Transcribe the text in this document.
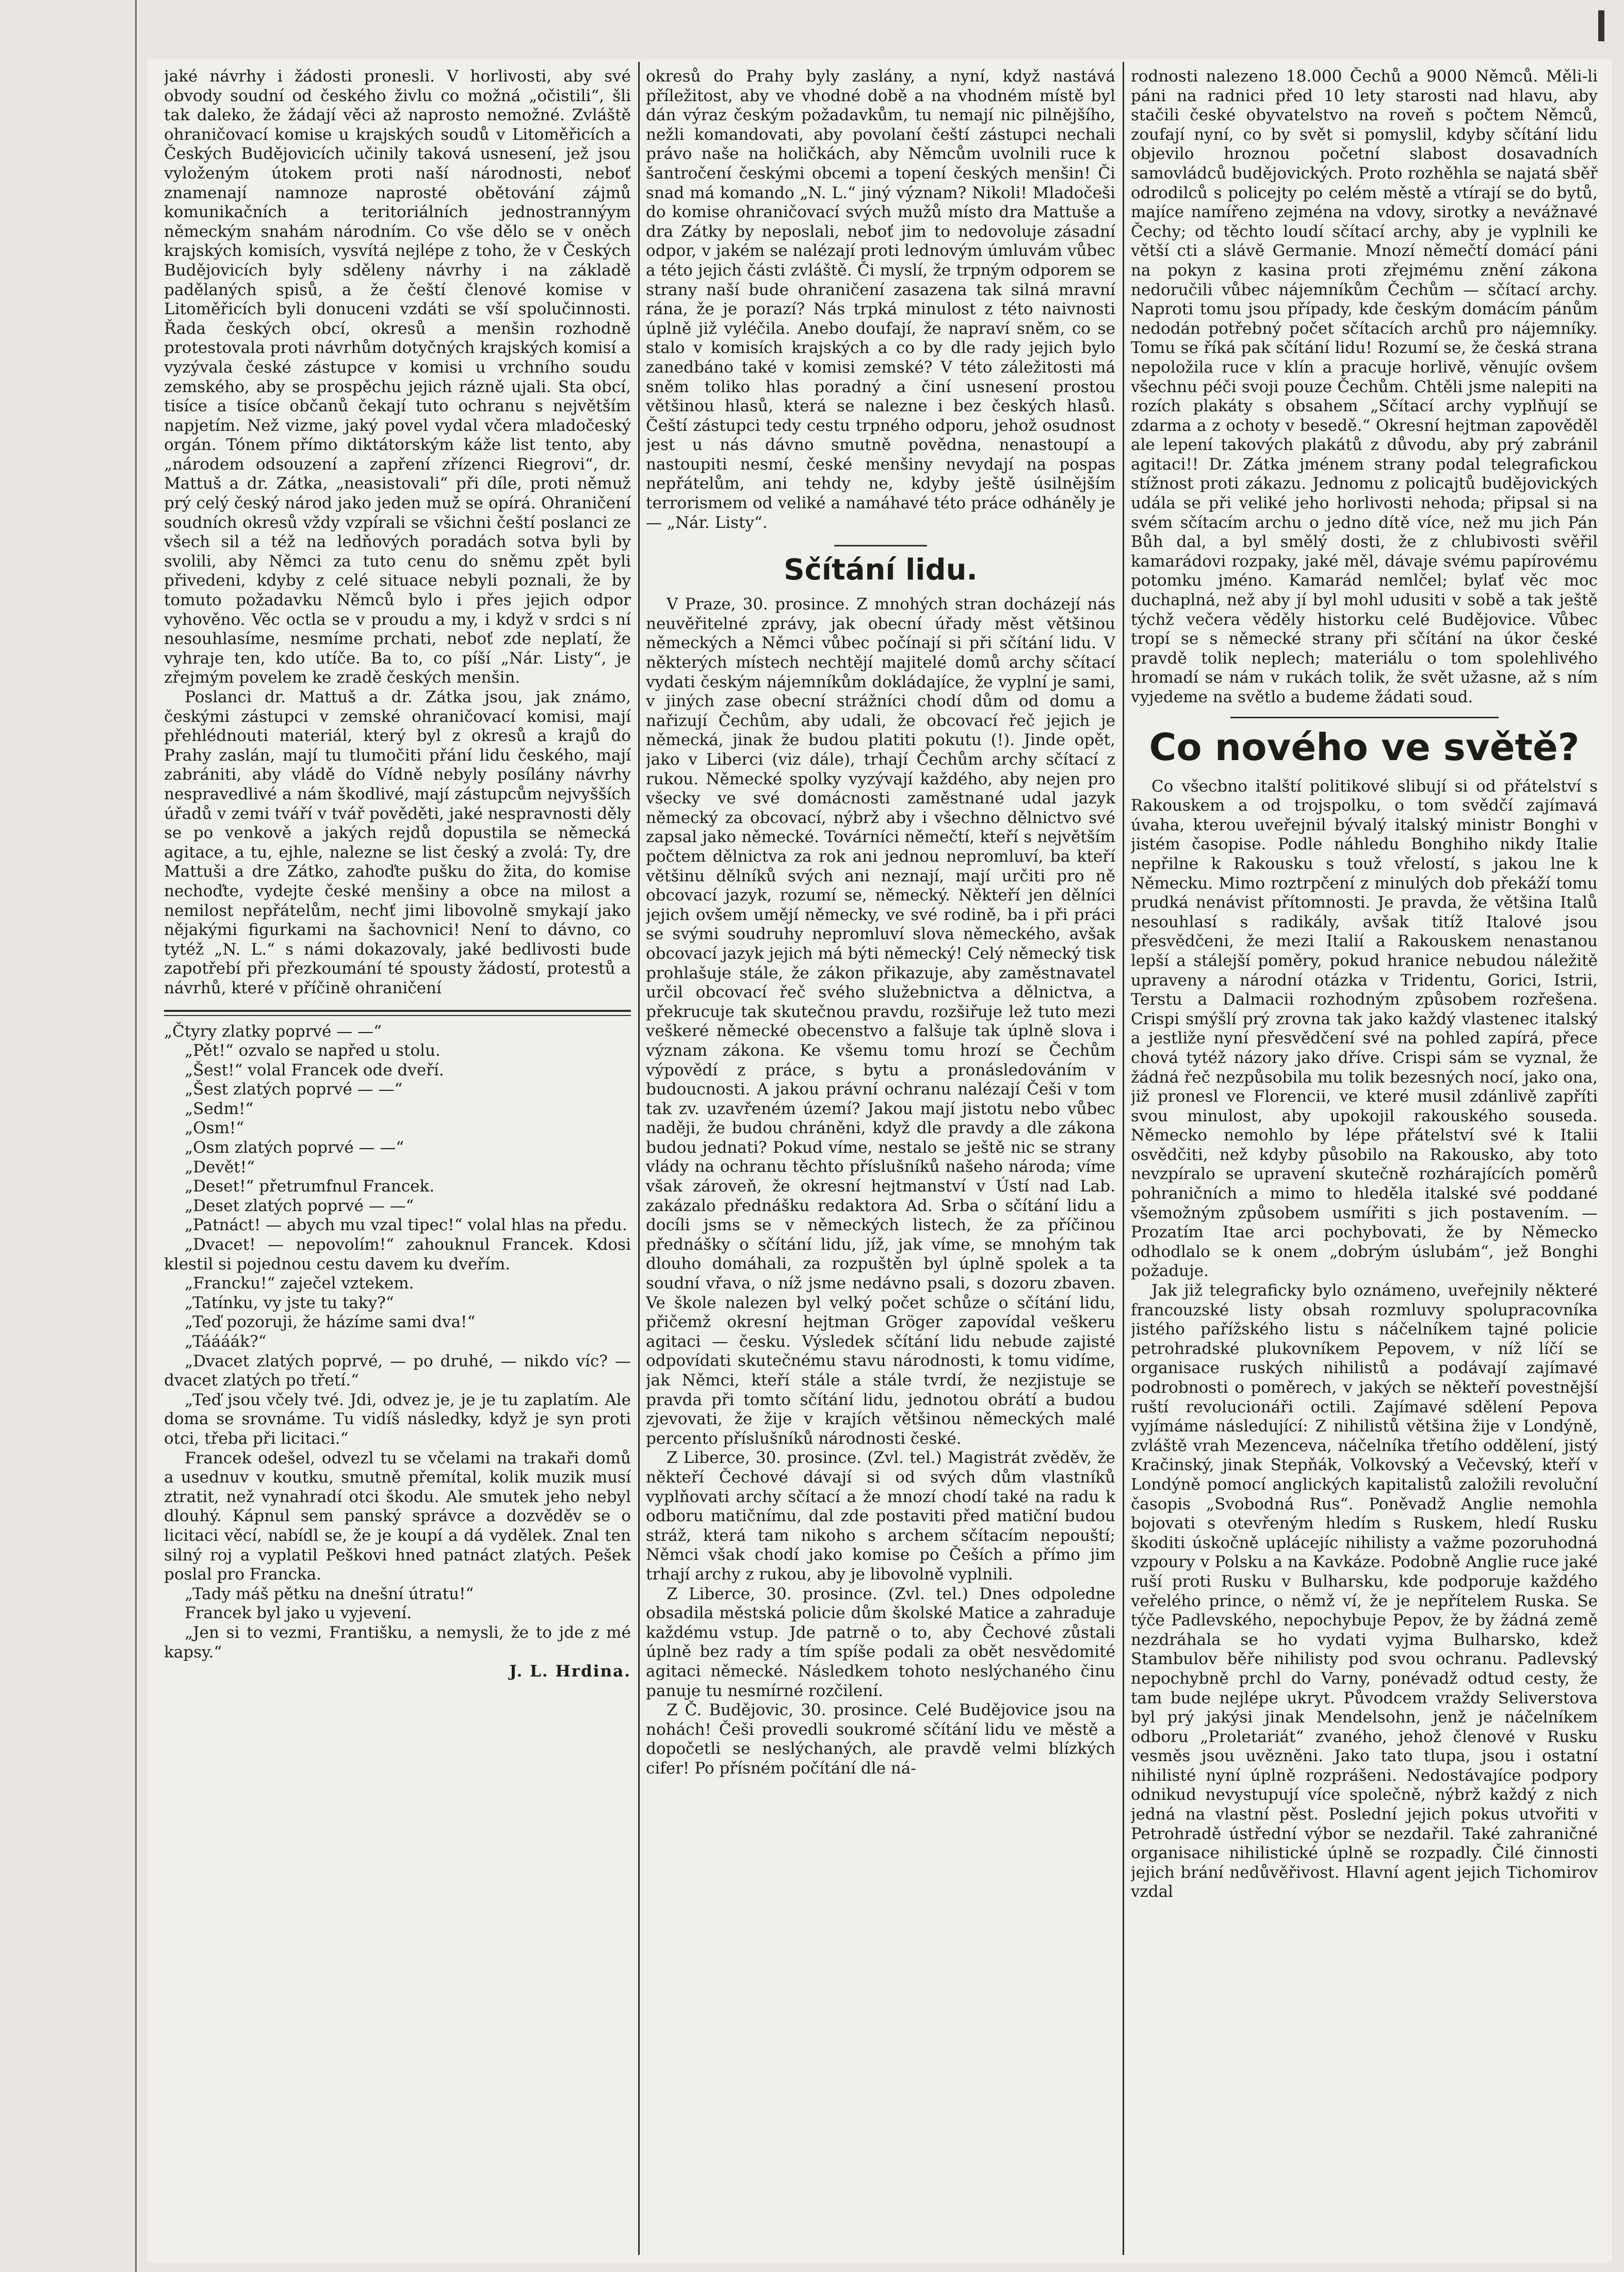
jaké návrhy i žádosti pronesli. V horlivosti, aby své obvody soudní od českého živlu co možná „očistili“, šli tak daleko, že žádají věci až naprosto nemožné. Zvláště ohraničovací komise u krajských soudů v Litoměřicích a Českých Budějovicích učinily taková usnesení, jež jsou vyloženým útokem proti naší národnosti, neboť znamenají namnoze naprosté obětování zájmů komunikačních a teritoriálních jednostrannýym německým snahám národním. Co vše dělo se v oněch krajských komisích, vysvítá nejlépe z toho, že v Českých Budějovicích byly sděleny návrhy i na základě padělaných spisů, a že čeští členové komise v Litoměřicích byli donuceni vzdáti se vší spolučinnosti. Řada českých obcí, okresů a menšin rozhodně protestovala proti návrhům dotyčných krajských komisí a vyzývala české zástupce v komisi u vrchního soudu zemského, aby se prospěchu jejich rázně ujali. Sta obcí, tisíce a tisíce občanů čekají tuto ochranu s největším napjetím. Než vizme, jaký povel vydal včera mladočeský orgán. Tónem přímo diktátorským káže list tento, aby „národem odsouzení a zapření zřízenci Riegrovi“, dr. Mattuš a dr. Zátka, „neasistovali“ při díle, proti němuž prý celý český národ jako jeden muž se opírá. Ohraničení soudních okresů vždy vzpírali se všichni čeští poslanci ze všech sil a též na ledňových poradách sotva byli by svolili, aby Němci za tuto cenu do sněmu zpět byli přivedeni, kdyby z celé situace nebyli poznali, že by tomuto požadavku Němců bylo i přes jejich odpor vyhověno. Věc octla se v proudu a my, i když v srdci s ní nesouhlasíme, nesmíme prchati, neboť zde neplatí, že vyhraje ten, kdo utíče. Ba to, co píší „Nár. Listy“, je zřejmým povelem ke zradě českých menšin.

Poslanci dr. Mattuš a dr. Zátka jsou, jak známo, českými zástupci v zemské ohraničovací komisi, mají přehlédnouti materiál, který byl z okresů a krajů do Prahy zaslán, mají tu tlumočiti přání lidu českého, mají zabrániti, aby vládě do Vídně nebyly posílány návrhy nespravedlivé a nám škodlivé, mají zástupcům nejvyšších úřadů v zemi tváří v tvář pověděti, jaké nespravnosti děly se po venkově a jakých rejdů dopustila se německá agitace, a tu, ejhle, nalezne se list český a zvolá: Ty, dre Mattuši a dre Zátko, zahoďte pušku do žita, do komise nechoďte, vydejte české menšiny a obce na milost a nemilost nepřátelům, nechť jimi libovolně smykají jako nějakými figurkami na šachovnici! Není to dávno, co tytéž „N. L.“ s námi dokazovaly, jaké bedlivosti bude zapotřebí při přezkoumání té spousty žádostí, protestů a návrhů, které v příčině ohraničení

„Čtyry zlatky poprvé — —“

„Pět!“ ozvalo se napřed u stolu.

„Šest!“ volal Francek ode dveří.

„Šest zlatých poprvé — —“

„Sedm!“

„Osm!“

„Osm zlatých poprvé — —“

„Devět!“

„Deset!“ přetrumfnul Francek.

„Deset zlatých poprvé — —“

„Patnáct! — abych mu vzal tipec!“ volal hlas na předu.

„Dvacet! — nepovolím!“ zahouknul Francek. Kdosi klestil si pojednou cestu davem ku dveřím.

„Francku!“ zaječel vztekem.

„Tatínku, vy jste tu taky?“

„Teď pozoruji, že házíme sami dva!“

„Táááák?“

„Dvacet zlatých poprvé, — po druhé, — nikdo víc? — dvacet zlatých po třetí.“

„Teď jsou včely tvé. Jdi, odvez je, je je tu zaplatím. Ale doma se srovnáme. Tu vidíš následky, když je syn proti otci, třeba při licitaci.“

Francek odešel, odvezl tu se včelami na trakaři domů a usednuv v koutku, smutně přemítal, kolik muzik musí ztratit, než vynahradí otci škodu. Ale smutek jeho nebyl dlouhý. Kápnul sem panský správce a dozvěděv se o licitaci věcí, nabídl se, že je koupí a dá vydělek. Znal ten silný roj a vyplatil Peškovi hned patnáct zlatých. Pešek poslal pro Francka.

„Tady máš pětku na dnešní útratu!“

Francek byl jako u vyjevení.

„Jen si to vezmi, Františku, a nemysli, že to jde z mé kapsy.“

J. L. Hrdina.

okresů do Prahy byly zaslány, a nyní, když nastává příležitost, aby ve vhodné době a na vhodném místě byl dán výraz českým požadavkům, tu nemají nic pilnějšího, nežli komandovati, aby povolaní čeští zástupci nechali právo naše na holičkách, aby Němcům uvolnili ruce k šantročení českými obcemi a topení českých menšin! Či snad má komando „N. L.“ jiný význam? Nikoli! Mladočeši do komise ohraničovací svých mužů místo dra Mattuše a dra Zátky by neposlali, neboť jim to nedovoluje zásadní odpor, v jakém se nalézají proti lednovým úmluvám vůbec a této jejich části zvláště. Či myslí, že trpným odporem se strany naší bude ohraničení zasazena tak silná mravní rána, že je porazí? Nás trpká minulost z této naivnosti úplně již vyléčila. Anebo doufají, že napraví sněm, co se stalo v komisích krajských a co by dle rady jejich bylo zanedbáno také v komisi zemské? V této záležitosti má sněm toliko hlas poradný a činí usnesení prostou většinou hlasů, která se nalezne i bez českých hlasů. Čeští zástupci tedy cestu trpného odporu, jehož osudnost jest u nás dávno smutně povědna, nenastoupí a nastoupiti nesmí, české menšiny nevydají na pospas nepřátelům, ani tehdy ne, kdyby ještě úsilnějším terrorismem od veliké a namáhavé této práce odháněly je — „Nár. Listy“.

Sčítání lidu.

V Praze, 30. prosince. Z mnohých stran docházejí nás neuvěřitelné zprávy, jak obecní úřady měst většinou německých a Němci vůbec počínají si při sčítání lidu. V některých místech nechtějí majitelé domů archy sčítací vydati českým nájemníkům dokládajíce, že vyplní je sami, v jiných zase obecní strážníci chodí dům od domu a nařizují Čechům, aby udali, že obcovací řeč jejich je německá, jinak že budou platiti pokutu (!). Jinde opět, jako v Liberci (viz dále), trhají Čechům archy sčítací z rukou. Německé spolky vyzývají každého, aby nejen pro všecky ve své domácnosti zaměstnané udal jazyk německý za obcovací, nýbrž aby i všechno dělnictvo své zapsal jako německé. Továrníci němečtí, kteří s největším počtem dělnictva za rok ani jednou nepromluví, ba kteří většinu dělníků svých ani neznají, mají určiti pro ně obcovací jazyk, rozumí se, německý. Někteří jen dělníci jejich ovšem umějí německy, ve své rodině, ba i při práci se svými soudruhy nepromluví slova německého, avšak obcovací jazyk jejich má býti německý! Celý německý tisk prohlašuje stále, že zákon přikazuje, aby zaměstnavatel určil obcovací řeč svého služebnictva a dělnictva, a překrucuje tak skutečnou pravdu, rozšiřuje lež tuto mezi veškeré německé obecenstvo a falšuje tak úplně slova i význam zákona. Ke všemu tomu hrozí se Čechům výpovědí z práce, s bytu a pronásledováním v budoucnosti. A jakou právní ochranu nalézají Češi v tom tak zv. uzavřeném území? Jakou mají jistotu nebo vůbec naději, že budou chráněni, když dle pravdy a dle zákona budou jednati? Pokud víme, nestalo se ještě nic se strany vlády na ochranu těchto příslušníků našeho národa; víme však zároveň, že okresní hejtmanství v Ústí nad Lab. zakázalo přednášku redaktora Ad. Srba o sčítání lidu a docíli jsms se v německých listech, že za příčinou přednášky o sčítání lidu, jíž, jak víme, se mnohým tak dlouho domáhali, za rozpuštěn byl úplně spolek a ta soudní vřava, o níž jsme nedávno psali, s dozoru zbaven. Ve škole nalezen byl velký počet schůze o sčítání lidu, přičemž okresní hejtman Gröger zapovídal veškeru agitaci — česku. Výsledek sčítání lidu nebude zajisté odpovídati skutečnému stavu národnosti, k tomu vidíme, jak Němci, kteří stále a stále tvrdí, že nezjistuje se pravda při tomto sčítání lidu, jednotou obrátí a budou zjevovati, že žije v krajích většinou německých malé percento příslušníků národnosti české.

Z Liberce, 30. prosince. (Zvl. tel.) Magistrát zvěděv, že někteří Čechové dávají si od svých dům vlastníků vyplňovati archy sčítací a že mnozí chodí také na radu k odboru matičnímu, dal zde postaviti před matiční budou stráž, která tam nikoho s archem sčítacím nepouští; Němci však chodí jako komise po Češích a přímo jim trhají archy z rukou, aby je libovolně vyplnili.

Z Liberce, 30. prosince. (Zvl. tel.) Dnes odpoledne obsadila městská policie dům školské Matice a zahraduje každému vstup. Jde patrně o to, aby Čechové zůstali úplně bez rady a tím spíše podali za obět nesvědomité agitaci německé. Následkem tohoto neslýchaného činu panuje tu nesmírné rozčilení.

Z Č. Budějovic, 30. prosince. Celé Budějovice jsou na nohách! Češi provedli soukromé sčítání lidu ve městě a dopočetli se neslýchaných, ale pravdě velmi blízkých cifer! Po přísném počítání dle ná-

rodnosti nalezeno 18.000 Čechů a 9000 Němců. Měli-li páni na radnici před 10 lety starosti nad hlavu, aby stačili české obyvatelstvo na roveň s počtem Němců, zoufají nyní, co by svět si pomyslil, kdyby sčítání lidu objevilo hroznou početní slabost dosavadních samovládců budějovických. Proto rozhěhla se najatá sběř odrodilců s policejty po celém městě a vtírají se do bytů, majíce namířeno zejména na vdovy, sirotky a nevážnavé Čechy; od těchto loudí sčítací archy, aby je vyplnili ke větší cti a slávě Germanie. Mnozí němečtí domácí páni na pokyn z kasina proti zřejmému znění zákona nedoručili vůbec nájemníkům Čechům — sčítací archy. Naproti tomu jsou případy, kde českým domácím pánům nedodán potřebný počet sčítacích archů pro nájemníky. Tomu se říká pak sčítání lidu! Rozumí se, že česká strana nepoložila ruce v klín a pracuje horlivě, věnujíc ovšem všechnu péči svoji pouze Čechům. Chtěli jsme nalepiti na rozích plakáty s obsahem „Sčítací archy vyplňují se zdarma a z ochoty v besedě.“ Okresní hejtman zapověděl ale lepení takových plakátů z důvodu, aby prý zabránil agitaci!! Dr. Zátka jménem strany podal telegrafickou stížnost proti zákazu. Jednomu z policajtů budějovických udála se při veliké jeho horlivosti nehoda; připsal si na svém sčítacím archu o jedno dítě více, než mu jich Pán Bůh dal, a byl smělý dosti, že z chlubivosti svěřil kamarádovi rozpaky, jaké měl, dávaje svému papírovému potomku jméno. Kamarád nemlčel; bylať věc moc duchaplná, než aby jí byl mohl udusiti v sobě a tak ještě týchž večera věděly historku celé Budějovice. Vůbec tropí se s německé strany při sčítání na úkor české pravdě tolik neplech; materiálu o tom spolehlivého hromadí se nám v rukách tolik, že svět užasne, až s ním vyjedeme na světlo a budeme žádati soud.

Co nového ve světě?

Co všecbno italští politikové slibují si od přátelství s Rakouskem a od trojspolku, o tom svědčí zajímavá úvaha, kterou uveřejnil bývalý italský ministr Bonghi v jistém časopise. Podle náhledu Bonghiho nikdy Italie nepřilne k Rakousku s touž vřelostí, s jakou lne k Německu. Mimo roztrpčení z minulých dob překáží tomu prudká nenávist přítomnosti. Je pravda, že většina Italů nesouhlasí s radikály, avšak titíž Italové jsou přesvědčeni, že mezi Italií a Rakouskem nenastanou lepší a stálejší poměry, pokud hranice nebudou náležitě upraveny a národní otázka v Tridentu, Gorici, Istrii, Terstu a Dalmacii rozhodným způsobem rozřešena. Crispi smýšlí prý zrovna tak jako každý vlastenec italský a jestliže nyní přesvědčení své na pohled zapírá, přece chová tytéž názory jako dříve. Crispi sám se vyznal, že žádná řeč nezpůsobila mu tolik bezesných nocí, jako ona, již pronesl ve Florencii, ve které musil zdánlivě zapříti svou minulost, aby upokojil rakouského souseda. Německo nemohlo by lépe přátelství své k Italii osvědčiti, než kdyby působilo na Rakousko, aby toto nevzpíralo se upravení skutečně rozhárajících poměrů pohraničních a mimo to hleděla italské své poddané všemožným způsobem usmířiti s jich postavením. — Prozatím Itae arci pochybovati, že by Německo odhodlalo se k onem „dobrým úslubám“, jež Bonghi požaduje.

Jak již telegraficky bylo oznámeno, uveřejnily některé francouzské listy obsah rozmluvy spolupracovníka jistého pařížského listu s náčelníkem tajné policie petrohradské plukovníkem Pepovem, v níž líčí se organisace ruských nihilistů a podávají zajímavé podrobnosti o poměrech, v jakých se někteří povestnější ruští revolucionáři octili. Zajímavé sdělení Pepova vyjímáme následující: Z nihilistů většina žije v Londýně, zvláště vrah Mezenceva, náčelníka třetího oddělení, jistý Kračinský, jinak Stepňák, Volkovský a Večevský, kteří v Londýně pomocí anglických kapitalistů založili revoluční časopis „Svobodná Rus“. Poněvadž Anglie nemohla bojovati s otevřeným hledím s Ruskem, hledí Rusku škoditi úskočně uplácejíc nihilisty a važme pozoruhodná vzpoury v Polsku a na Kavkáze. Podobně Anglie ruce jaké ruší proti Rusku v Bulharsku, kde podporuje každého veřelého prince, o němž ví, že je nepřítelem Ruska. Se týče Padlevského, nepochybuje Pepov, že by žádná země nezdráhala se ho vydati vyjma Bulharsko, kdež Stambulov běře nihilisty pod svou ochranu. Padlevský nepochybně prchl do Varny, ponévadž odtud cesty, že tam bude nejlépe ukryt. Původcem vraždy Seliverstova byl prý jakýsi jinak Mendelsohn, jenž je náčelníkem odboru „Proletariát“ zvaného, jehož členové v Rusku vesměs jsou uvězněni. Jako tato tlupa, jsou i ostatní nihilisté nyní úplně rozprášeni. Nedostávajíce podpory odnikud nevystupují více společně, nýbrž každý z nich jedná na vlastní pěst. Poslední jejich pokus utvořiti v Petrohradě ústřední výbor se nezdařil. Také zahraničné organisace nihilistické úplně se rozpadly. Čilé činnosti jejich brání nedůvěřivost. Hlavní agent jejich Tichomirov vzdal
